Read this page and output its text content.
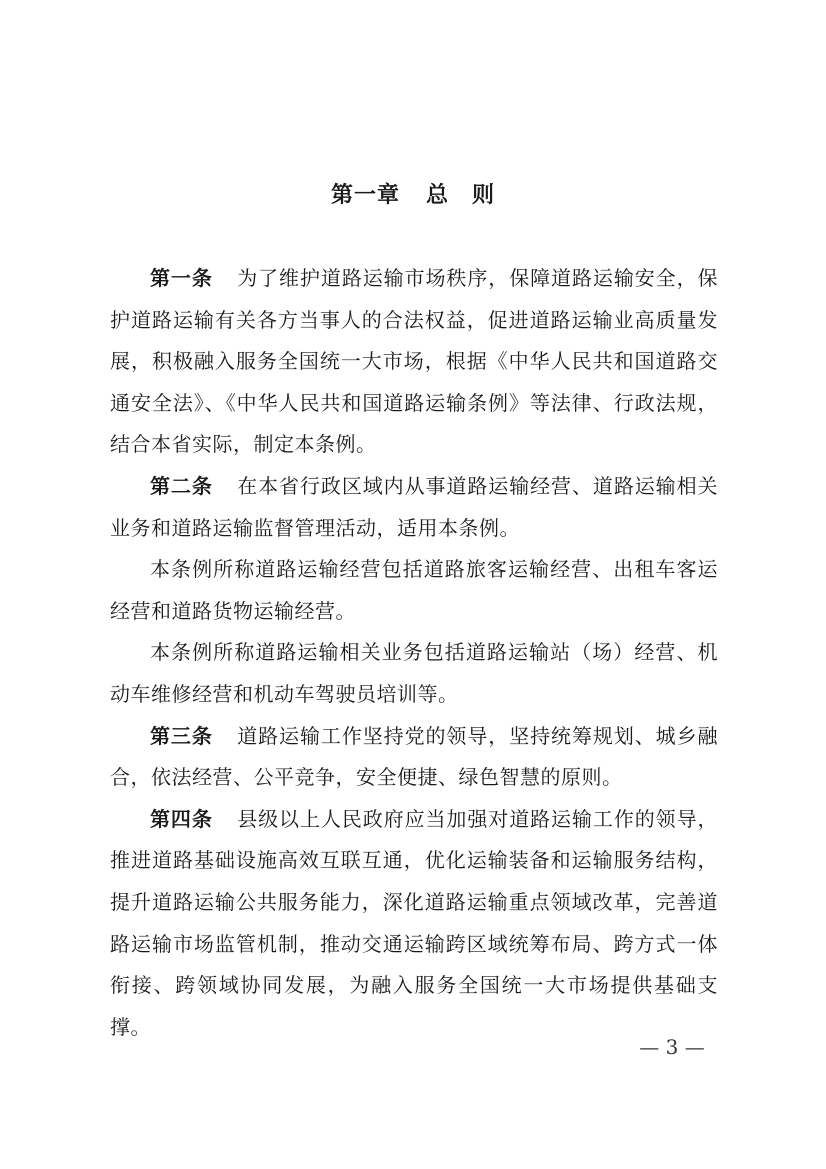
第一章 总　则

第一条 为了维护道路运输市场秩序，保障道路运输安全，保护道路运输有关各方当事人的合法权益，促进道路运输业高质量发展，积极融入服务全国统一大市场，根据《中华人民共和国道路交通安全法》、《中华人民共和国道路运输条例》等法律、行政法规，结合本省实际，制定本条例。

第二条 在本省行政区域内从事道路运输经营、道路运输相关业务和道路运输监督管理活动，适用本条例。

本条例所称道路运输经营包括道路旅客运输经营、出租车客运经营和道路货物运输经营。

本条例所称道路运输相关业务包括道路运输站（场）经营、机动车维修经营和机动车驾驶员培训等。

第三条 道路运输工作坚持党的领导，坚持统筹规划、城乡融合，依法经营、公平竞争，安全便捷、绿色智慧的原则。

第四条 县级以上人民政府应当加强对道路运输工作的领导，推进道路基础设施高效互联互通，优化运输装备和运输服务结构，提升道路运输公共服务能力，深化道路运输重点领域改革，完善道路运输市场监管机制，推动交通运输跨区域统筹布局、跨方式一体衔接、跨领域协同发展，为融入服务全国统一大市场提供基础支撑。

— 3 —
